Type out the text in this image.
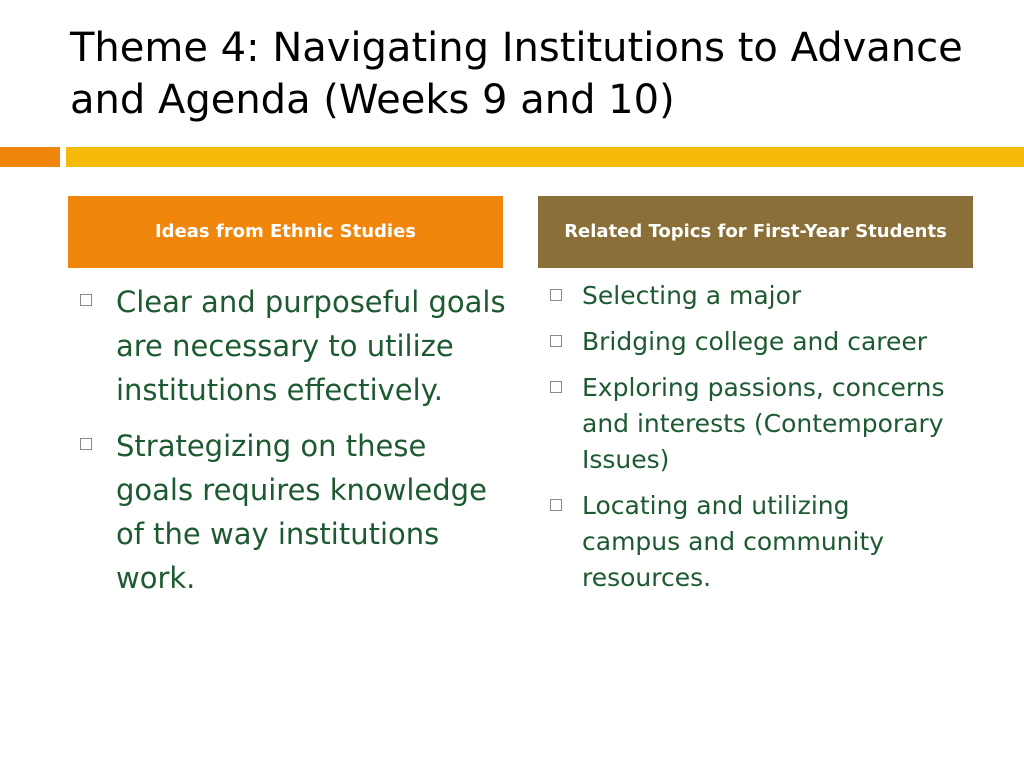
Theme 4: Navigating Institutions to Advance and Agenda (Weeks 9 and 10)
Ideas from Ethnic Studies	Related Topics for First-Year Students
Clear and purposeful goals are necessary to utilize institutions effectively.
Strategizing on these goals requires knowledge of the way institutions work.
Selecting a major
Bridging college and career
Exploring passions, concerns and interests (Contemporary Issues)
Locating and utilizing campus and community resources.
